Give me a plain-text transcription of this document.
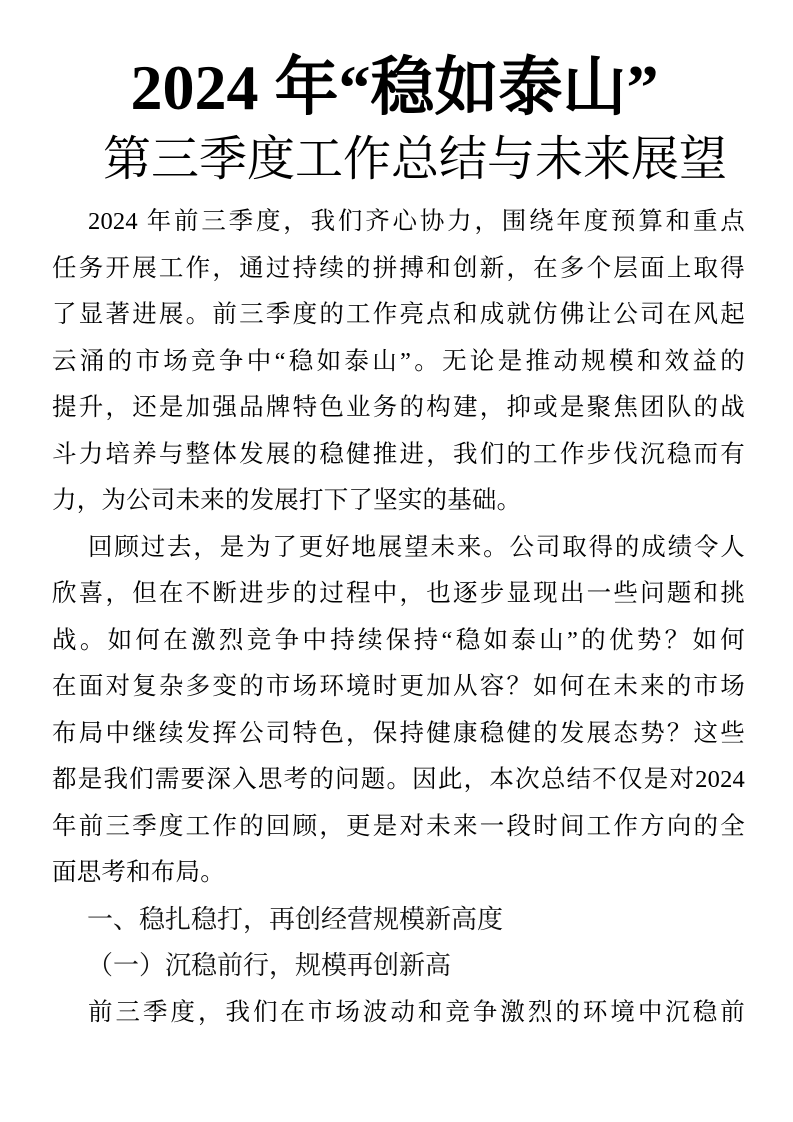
2024 年“稳如泰山”
第三季度工作总结与未来展望
2024 年前三季度，我们齐心协力，围绕年度预算和重点
任务开展工作，通过持续的拼搏和创新，在多个层面上取得
了显著进展。前三季度的工作亮点和成就仿佛让公司在风起
云涌的市场竞争中“稳如泰山”。无论是推动规模和效益的
提升，还是加强品牌特色业务的构建，抑或是聚焦团队的战
斗力培养与整体发展的稳健推进，我们的工作步伐沉稳而有
力，为公司未来的发展打下了坚实的基础。
回顾过去，是为了更好地展望未来。公司取得的成绩令人
欣喜，但在不断进步的过程中，也逐步显现出一些问题和挑
战。如何在激烈竞争中持续保持“稳如泰山”的优势？如何
在面对复杂多变的市场环境时更加从容？如何在未来的市场
布局中继续发挥公司特色，保持健康稳健的发展态势？这些
都是我们需要深入思考的问题。因此，本次总结不仅是对2024
年前三季度工作的回顾，更是对未来一段时间工作方向的全
面思考和布局。
一、稳扎稳打，再创经营规模新高度
（一）沉稳前行，规模再创新高
前三季度，我们在市场波动和竞争激烈的环境中沉稳前
